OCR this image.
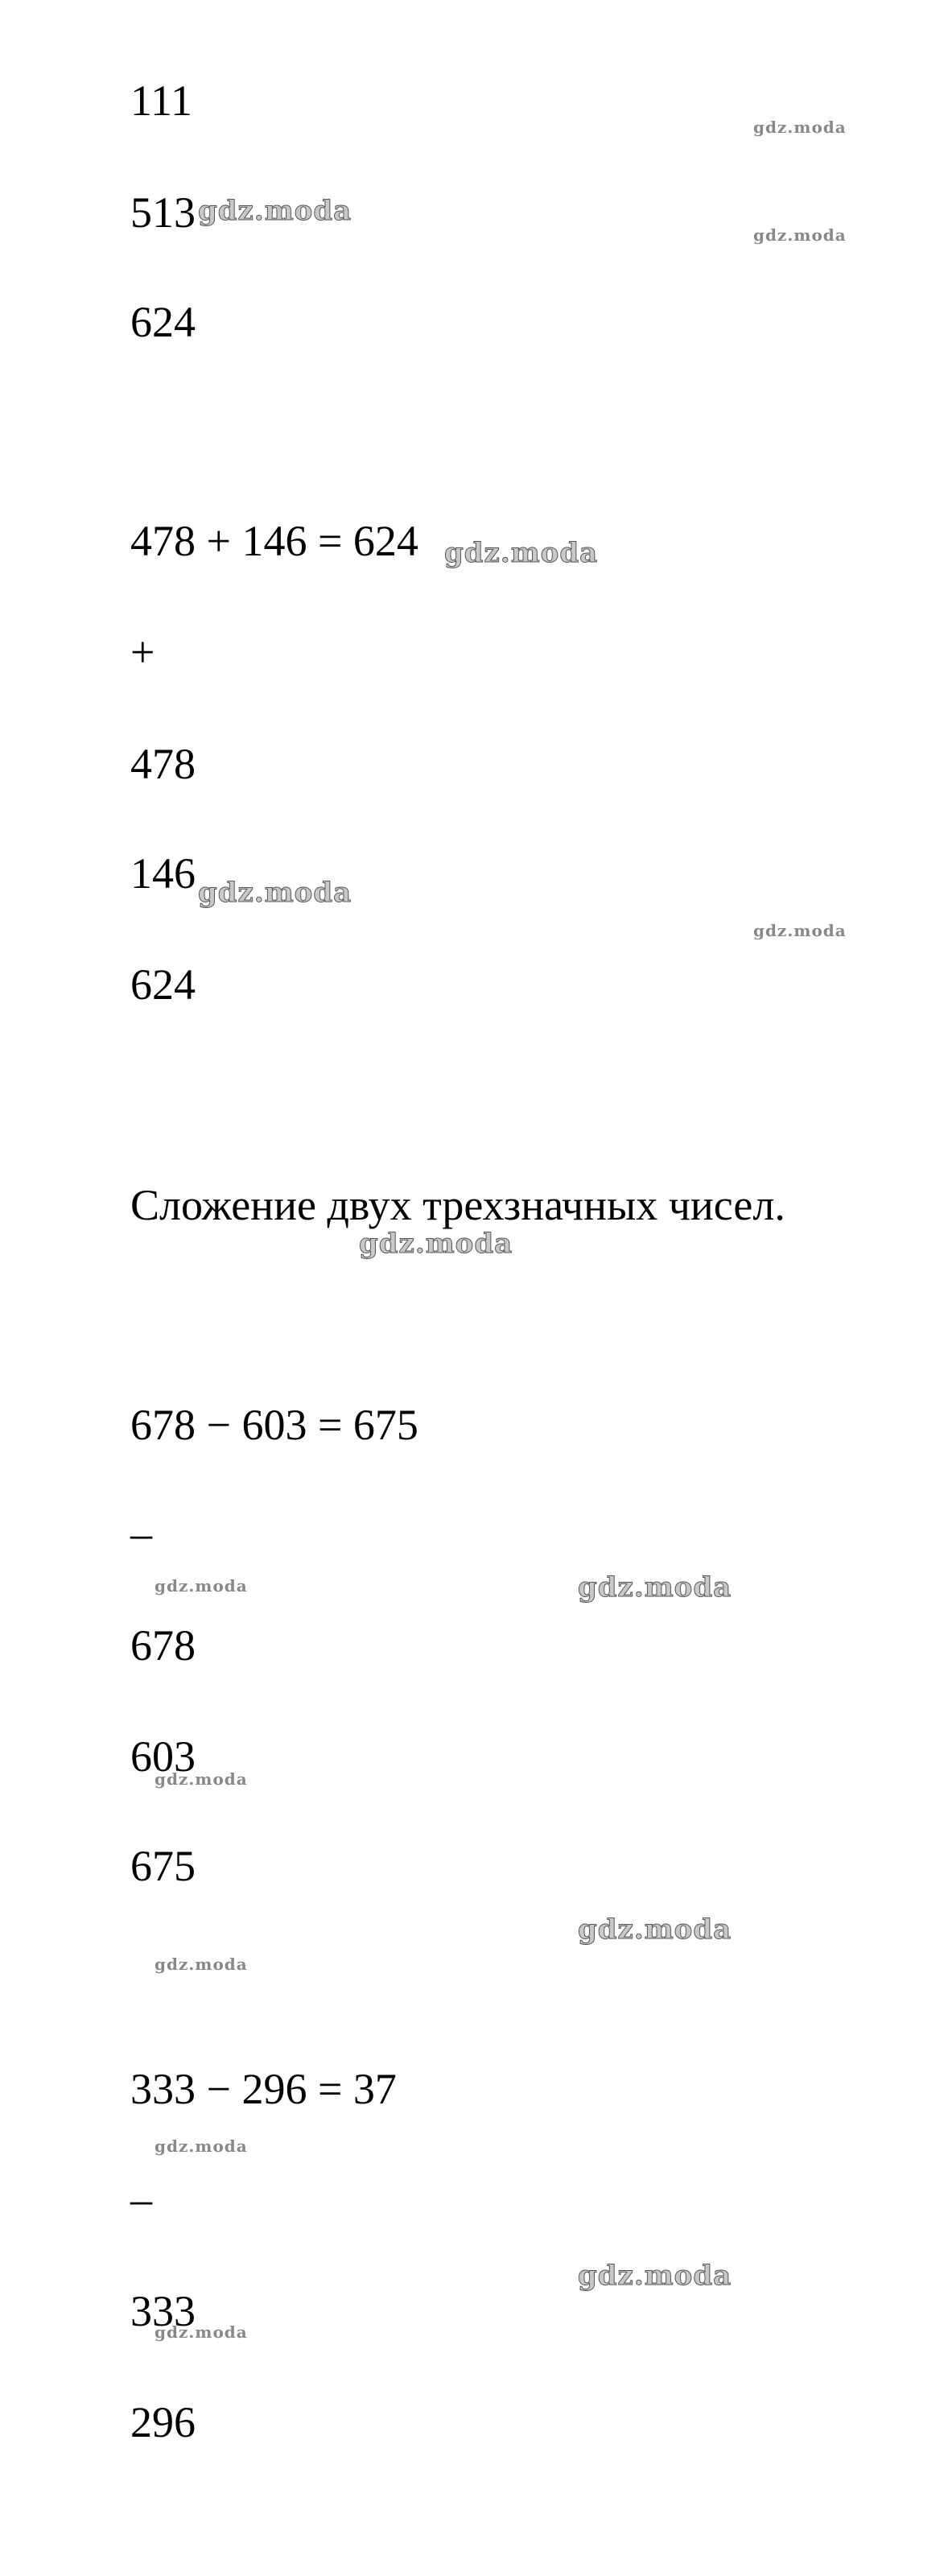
111
513
624
478 + 146 = 624
+
478
146
624
Сложение двух трехзначных чисел.
678 − 603 = 675
–
678
603
675
333 − 296 = 37
–
333
296
gdz.moda
gdz.moda
gdz.moda
gdz.moda
gdz.moda
gdz.moda
gdz.moda
gdz.moda	gdz.moda
gdz.moda
gdz.moda
gdz.moda
gdz.moda
gdz.moda
gdz.moda
